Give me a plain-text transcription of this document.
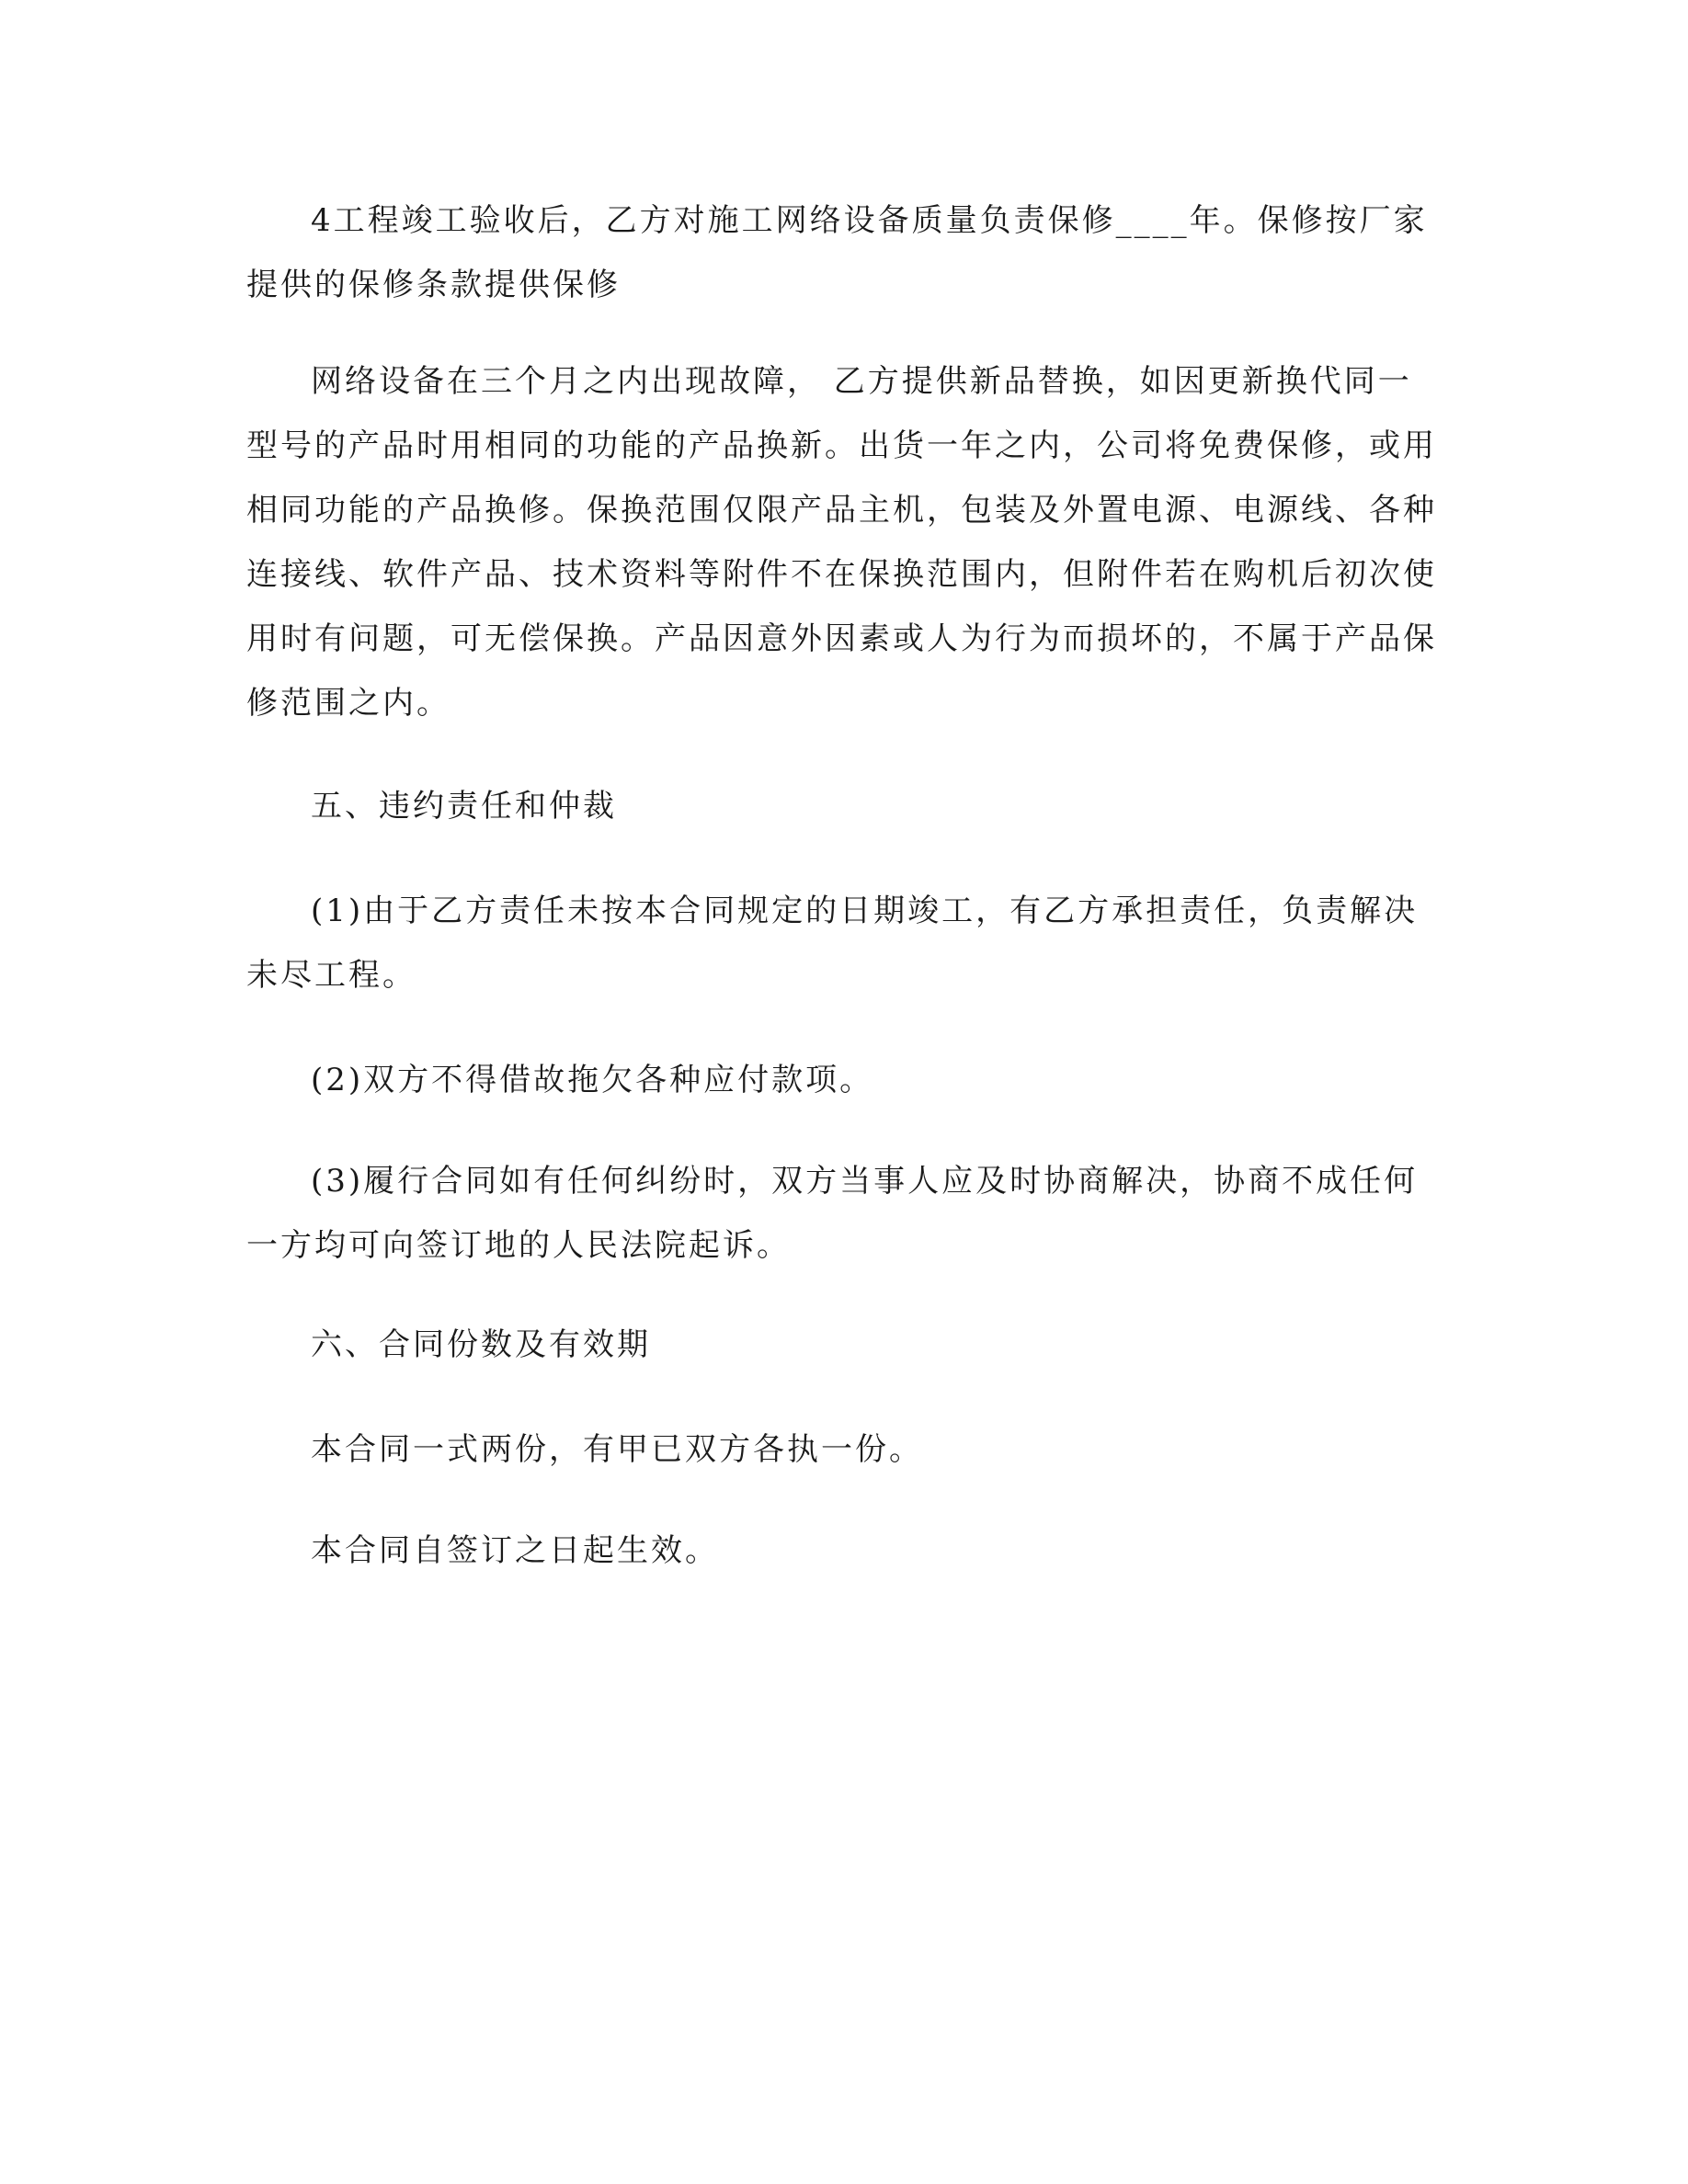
4工程竣工验收后，乙方对施工网络设备质量负责保修____年。保修按厂家提供的保修条款提供保修

网络设备在三个月之内出现故障， 乙方提供新品替换，如因更新换代同一型号的产品时用相同的功能的产品换新。出货一年之内，公司将免费保修，或用相同功能的产品换修。保换范围仅限产品主机，包装及外置电源、电源线、各种连接线、软件产品、技术资料等附件不在保换范围内，但附件若在购机后初次使用时有问题，可无偿保换。产品因意外因素或人为行为而损坏的，不属于产品保修范围之内。

五、违约责任和仲裁

(1)由于乙方责任未按本合同规定的日期竣工，有乙方承担责任，负责解决未尽工程。

(2)双方不得借故拖欠各种应付款项。

(3)履行合同如有任何纠纷时，双方当事人应及时协商解决，协商不成任何一方均可向签订地的人民法院起诉。

六、合同份数及有效期

本合同一式两份，有甲已双方各执一份。

本合同自签订之日起生效。
